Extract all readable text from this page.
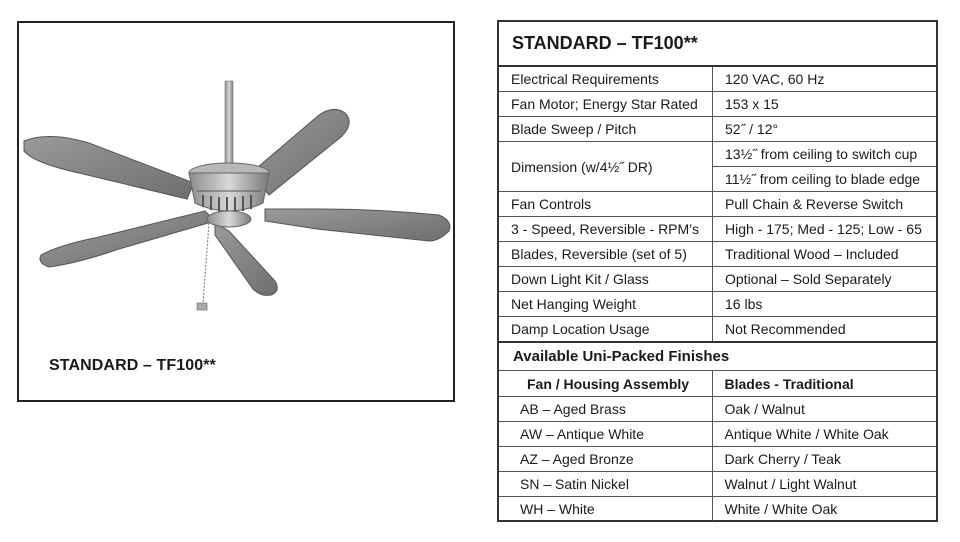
STANDARD – TF100**
STANDARD – TF100**
Electrical Requirements	120 VAC, 60 Hz
Fan Motor; Energy Star Rated	153 x 15
Blade Sweep / Pitch	52˝ / 12°
Dimension (w/4½˝ DR)	13½˝ from ceiling to switch cup
	11½˝ from ceiling to blade edge
Fan Controls	Pull Chain & Reverse Switch
3 - Speed, Reversible - RPM’s	High - 175; Med - 125; Low - 65
Blades, Reversible (set of 5)	Traditional Wood – Included
Down Light Kit / Glass	Optional – Sold Separately
Net Hanging Weight	16 lbs
Damp Location Usage	Not Recommended
Available Uni-Packed Finishes
Fan / Housing Assembly	Blades - Traditional
AB – Aged Brass	Oak / Walnut
AW – Antique White	Antique White / White Oak
AZ – Aged Bronze	Dark Cherry / Teak
SN – Satin Nickel	Walnut / Light Walnut
WH – White	White / White Oak
